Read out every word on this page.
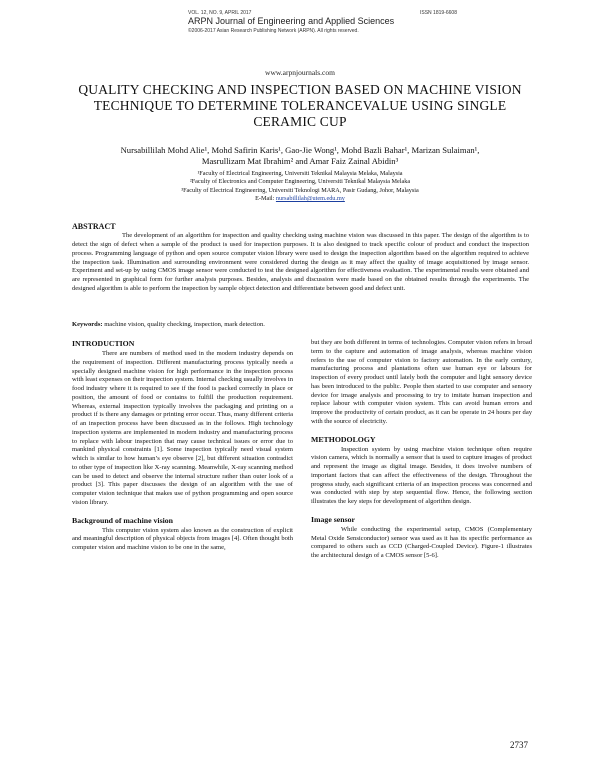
VOL. 12, NO. 9, APRIL 2017	ISSN 1819-6608
ARPN Journal of Engineering and Applied Sciences
©2006-2017 Asian Research Publishing Network (ARPN). All rights reserved.
www.arpnjournals.com
QUALITY CHECKING AND INSPECTION BASED ON MACHINE VISION TECHNIQUE TO DETERMINE TOLERANCEVALUE USING SINGLE CERAMIC CUP
Nursabillilah Mohd Alie¹, Mohd Safirin Karis¹, Gao-Jie Wong¹, Mohd Bazli Bahar¹, Marizan Sulaiman¹,
Masrullizam Mat Ibrahim² and Amar Faiz Zainal Abidin³
¹Faculty of Electrical Engineering, Universiti Teknikal Malaysia Melaka, Malaysia
²Faculty of Electronics and Computer Engineering, Universiti Teknikal Malaysia Melaka
³Faculty of Electrical Engineering, Universiti Teknologi MARA, Pasir Gudang, Johor, Malaysia
E-Mail: nursabillilah@utem.edu.my
ABSTRACT

The development of an algorithm for inspection and quality checking using machine vision was discussed in this paper. The design of the algorithm is to detect the sign of defect when a sample of the product is used for inspection purposes. It is also designed to track specific colour of product and conduct the inspection process. Programming language of python and open source computer vision library were used to design the inspection algorithm based on the algorithm required to achieve the inspection task. Illumination and surrounding environment were considered during the design as it may affect the quality of image acquisitioned by image sensor. Experiment and set-up by using CMOS image sensor were conducted to test the designed algorithm for effectiveness evaluation. The experimental results were obtained and are represented in graphical form for further analysis purposes. Besides, analysis and discussion were made based on the obtained results through the experiments. The designed algorithm is able to perform the inspection by sample object detection and differentiate between good and defect unit.

Keywords: machine vision, quality checking, inspection, mark detection.
INTRODUCTION

There are numbers of method used in the modern industry depends on the requirement of inspection. Different manufacturing process typically needs a specially designed machine vision for high performance in the inspection process with least expenses on their inspection system. Internal checking usually involves in food industry where it is required to see if the food is packed correctly in place or position, the amount of food or contains to fulfill the production requirement. Whereas, external inspection typically involves the packaging and printing on a product if is there any damages or printing error occur. Thus, many different criteria of an inspection process have been discussed as in the follows. High technology inspection systems are implemented in modern industry and manufacturing process to replace with labour inspection that may cause technical issues or error due to mankind physical constraints [1]. Some inspection typically need visual system which is similar to how human’s eye observe [2], but different situation contradict to other type of inspection like X-ray scanning. Meanwhile, X-ray scanning method can be used to detect and observe the internal structure rather than outer look of a product [3]. This paper discusses the design of an algorithm with the use of computer vision technique that makes use of python programming and open source vision library.

Background of machine vision

This computer vision system also known as the construction of explicit and meaningful description of physical objects from images [4]. Often thought both computer vision and machine vision to be one in the same,

but they are both different in terms of technologies. Computer vision refers in broad term to the capture and automation of image analysis, whereas machine vision refers to the use of computer vision to factory automation. In the early century, manufacturing process and plantations often use human eye or labours for inspection of every product until lately both the computer and light sensory device has been introduced to the public. People then started to use computer and sensory device for image analysis and processing to try to imitate human inspection and replace labour with computer vision system. This can avoid human errors and improve the productivity of certain product, as it can be operate in 24 hours per day with the source of electricity.

METHODOLOGY

Inspection system by using machine vision technique often require vision camera, which is normally a sensor that is used to capture images of product and represent the image as digital image. Besides, it does involve numbers of important factors that can affect the effectiveness of the design. Throughout the progress study, each significant criteria of an inspection process was concerned and was conducted with step by step sequential flow. Hence, the following section illustrates the key steps for development of algorithm design.

Image sensor

While conducting the experimental setup, CMOS (Complementary Metal Oxide Sensiconductor) sensor was used as it has its specific performance as compared to others such as CCD (Charged-Coupled Device). Figure-1 illustrates the architectural design of a CMOS sensor [5-6].

2737
